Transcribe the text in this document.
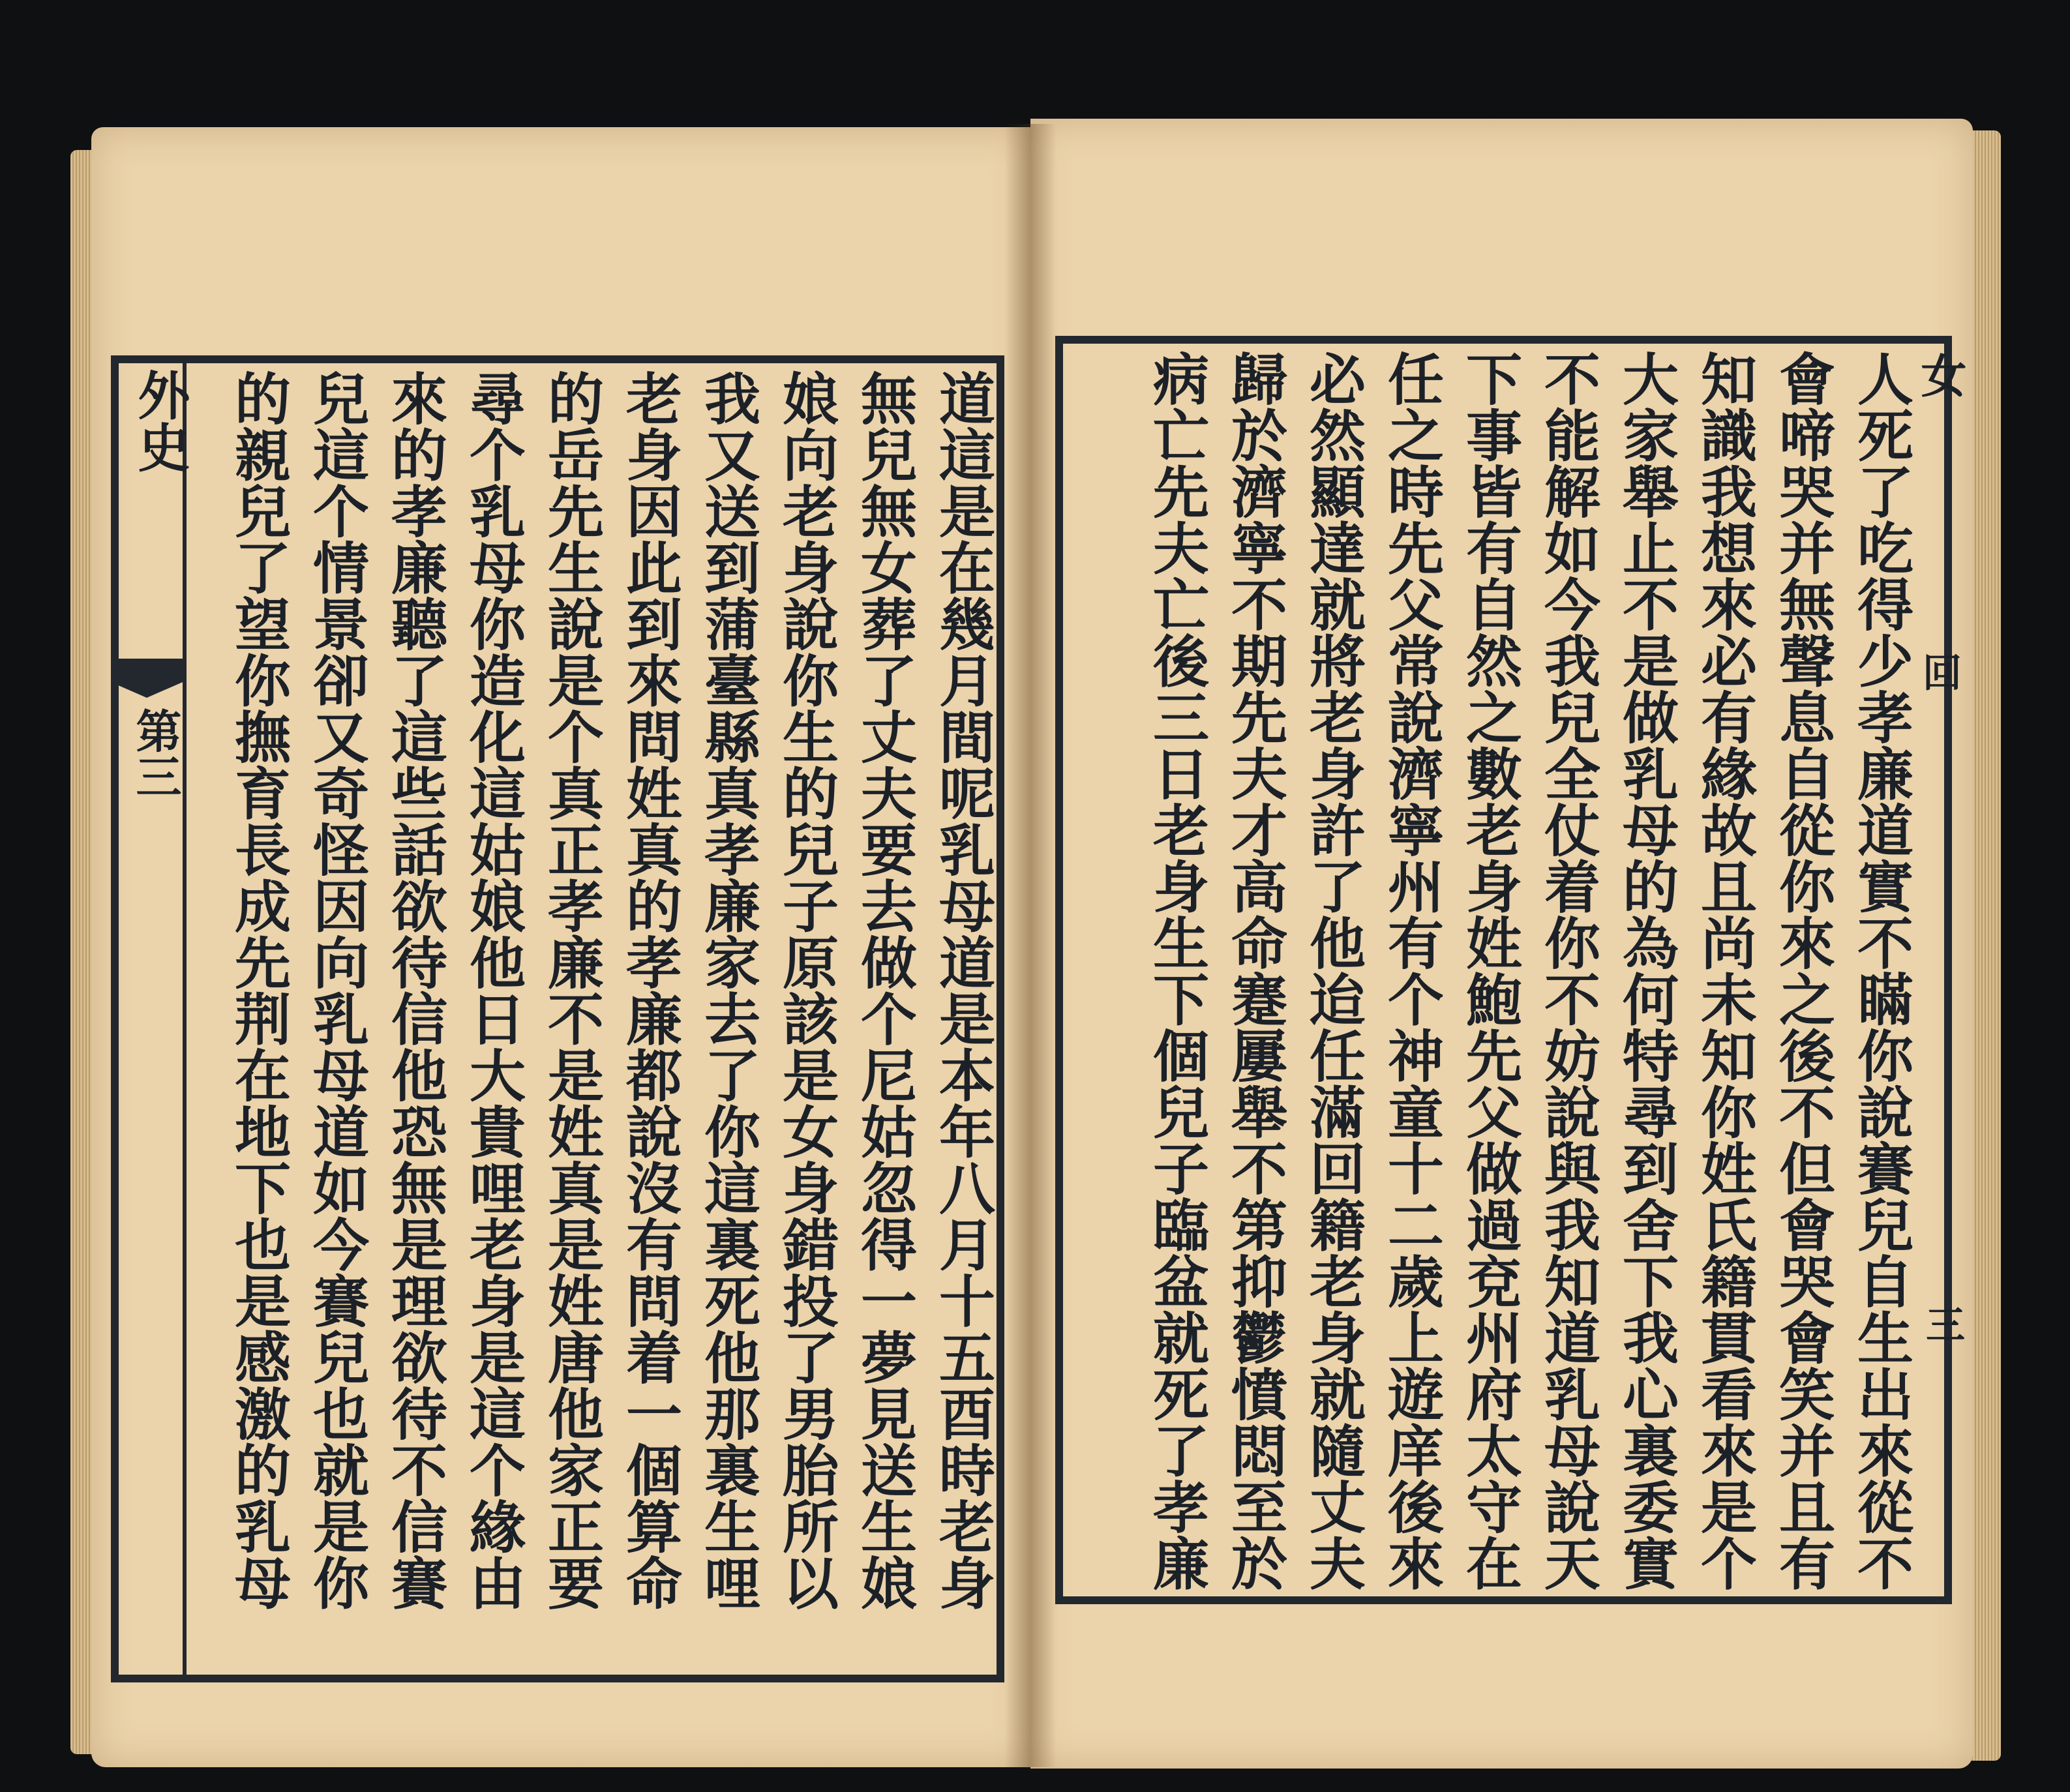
道這是在幾月間呢乳母道是本年八月十五酉時老身
無兒無女葬了丈夫要去做个尼姑忽得一夢見送生娘
娘向老身說你生的兒子原該是女身錯投了男胎所以
我又送到蒲臺縣真孝廉家去了你這裏死他那裏生哩
老身因此到來問姓真的孝廉都說沒有問着一個算命
的岳先生說是个真正孝廉不是姓真是姓唐他家正要
尋个乳母你造化這姑娘他日大貴哩老身是這个緣由
來的孝廉聽了這些話欲待信他恐無是理欲待不信賽
兒這个情景卻又奇怪因向乳母道如今賽兒也就是你
的親兒了望你撫育長成先荆在地下也是感激的乳母
外史
第三	人死了吃得少孝廉道實不瞞你說賽兒自生出來從不
會啼哭并無聲息自從你來之後不但會哭會笑并且有
知識我想來必有緣故且尚未知你姓氏籍貫看來是个
大家舉止不是做乳母的為何特尋到舍下我心裏委實
不能解如今我兒全仗着你不妨說與我知道乳母說天
下事皆有自然之數老身姓鮑先父做過兗州府太守在
任之時先父常說濟寧州有个神童十二歲上遊庠後來
必然顯達就將老身許了他迨任滿回籍老身就隨丈夫
歸於濟寧不期先夫才高命蹇屢舉不第抑鬱憤悶至於
病亡先夫亡後三日老身生下個兒子臨盆就死了孝廉	女
回
三
